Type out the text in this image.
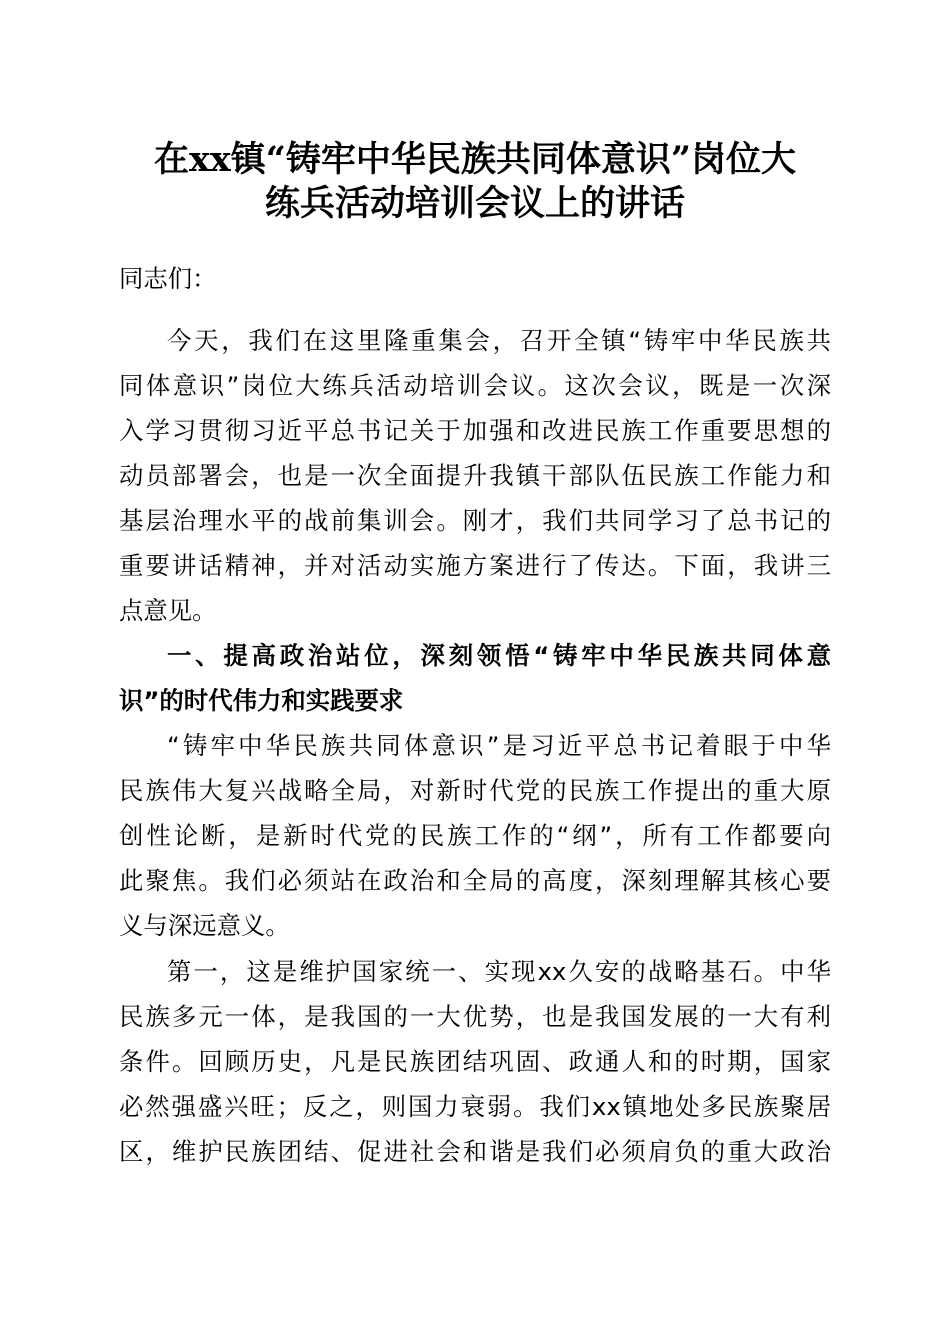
在xx镇“铸牢中华民族共同体意识”岗位大
练兵活动培训会议上的讲话

同志们：

今天，我们在这里隆重集会，召开全镇“铸牢中华民族共

同体意识”岗位大练兵活动培训会议。这次会议，既是一次深

入学习贯彻习近平总书记关于加强和改进民族工作重要思想的

动员部署会，也是一次全面提升我镇干部队伍民族工作能力和

基层治理水平的战前集训会。刚才，我们共同学习了总书记的

重要讲话精神，并对活动实施方案进行了传达。下面，我讲三

点意见。

一、提高政治站位，深刻领悟“铸牢中华民族共同体意

识”的时代伟力和实践要求

“铸牢中华民族共同体意识”是习近平总书记着眼于中华

民族伟大复兴战略全局，对新时代党的民族工作提出的重大原

创性论断，是新时代党的民族工作的“纲”，所有工作都要向

此聚焦。我们必须站在政治和全局的高度，深刻理解其核心要

义与深远意义。

第一，这是维护国家统一、实现xx久安的战略基石。中华

民族多元一体，是我国的一大优势，也是我国发展的一大有利

条件。回顾历史，凡是民族团结巩固、政通人和的时期，国家

必然强盛兴旺；反之，则国力衰弱。我们xx镇地处多民族聚居

区，维护民族团结、促进社会和谐是我们必须肩负的重大政治
